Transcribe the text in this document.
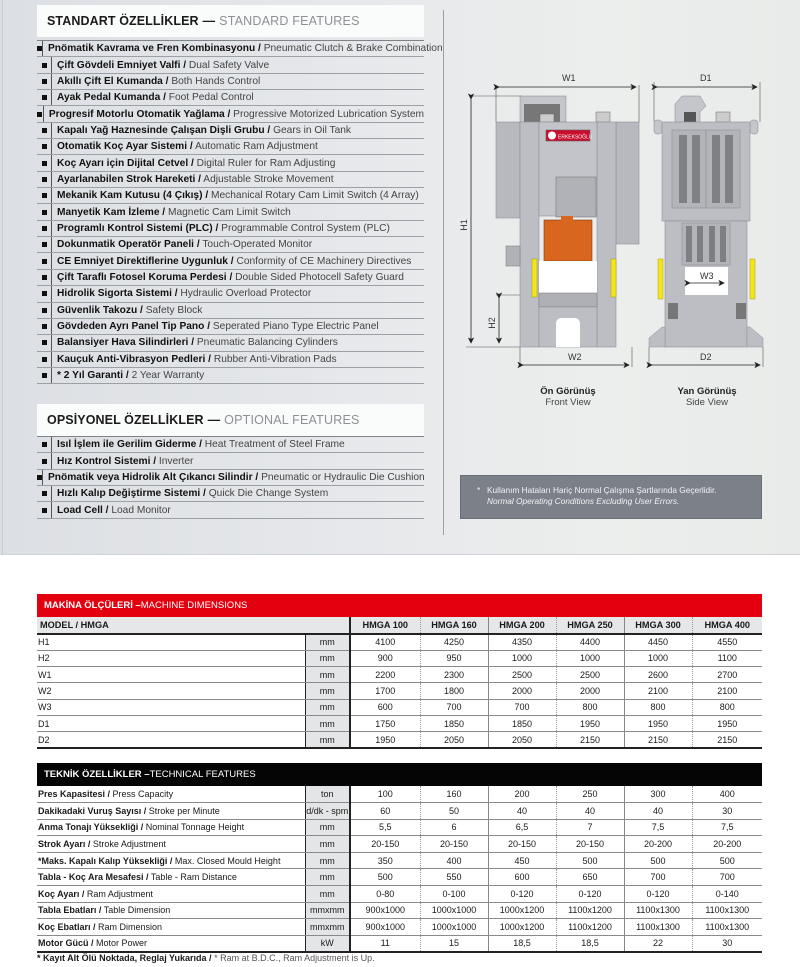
STANDART ÖZELLİKLER — STANDARD FEATURES
Pnömatik Kavrama ve Fren Kombinasyonu / Pneumatic Clutch & Brake Combination
Çift Gövdeli Emniyet Valfi / Dual Safety Valve
Akıllı Çift El Kumanda / Both Hands Control
Ayak Pedal Kumanda / Foot Pedal Control
Progresif Motorlu Otomatik Yağlama / Progressive Motorized Lubrication System
Kapalı Yağ Haznesinde Çalışan Dişli Grubu / Gears in Oil Tank
Otomatik Koç Ayar Sistemi / Automatic Ram Adjustment
Koç Ayarı için Dijital Cetvel / Digital Ruler for Ram Adjusting
Ayarlanabilen Strok Hareketi / Adjustable Stroke Movement
Mekanik Kam Kutusu (4 Çıkış) / Mechanical Rotary Cam Limit Switch (4 Array)
Manyetik Kam İzleme / Magnetic Cam Limit Switch
Programlı Kontrol Sistemi (PLC) / Programmable Control System (PLC)
Dokunmatik Operatör Paneli / Touch-Operated Monitor
CE Emniyet Direktiflerine Uygunluk / Conformity of CE Machinery Directives
Çift Taraflı Fotosel Koruma Perdesi / Double Sided Photocell Safety Guard
Hidrolik Sigorta Sistemi / Hydraulic Overload Protector
Güvenlik Takozu / Safety Block
Gövdeden Ayrı Panel Tip Pano / Seperated Piano Type Electric Panel
Balansiyer Hava Silindirleri / Pneumatic Balancing Cylinders
Kauçuk Anti-Vibrasyon Pedleri / Rubber Anti-Vibration Pads
* 2 Yıl Garanti / 2 Year Warranty
OPSİYONEL ÖZELLİKLER — OPTIONAL FEATURES
Isıl İşlem ile Gerilim Giderme / Heat Treatment of Steel Frame
Hız Kontrol Sistemi / Inverter
Pnömatik veya Hidrolik Alt Çıkancı Silindir / Pneumatic or Hydraulic Die Cushion
Hızlı Kalıp Değiştirme Sistemi / Quick Die Change System
Load Cell / Load Monitor
ERKEKSOĞLU
W1	D1
H1
H2
W2
W3
D2
Ön Görünüş
Front View
Yan Görünüş
Side View
* Kullanım Hataları Hariç Normal Çalışma Şartlarında Geçerlidir.
Normal Operating Conditions Excluding User Errors.
MAKİNA ÖLÇÜLERİ – MACHINE DIMENSIONS
MODEL / HMGA		HMGA 100	HMGA 160	HMGA 200	HMGA 250	HMGA 300	HMGA 400
H1	mm	4100	4250	4350	4400	4450	4550
H2	mm	900	950	1000	1000	1000	1100
W1	mm	2200	2300	2500	2500	2600	2700
W2	mm	1700	1800	2000	2000	2100	2100
W3	mm	600	700	700	800	800	800
D1	mm	1750	1850	1850	1950	1950	1950
D2	mm	1950	2050	2050	2150	2150	2150
TEKNİK ÖZELLİKLER – TECHNICAL FEATURES
Pres Kapasitesi / Press Capacity	ton	100	160	200	250	300	400
Dakikadaki Vuruş Sayısı / Stroke per Minute	d/dk - spm	60	50	40	40	40	30
Anma Tonajı Yüksekliği / Nominal Tonnage Height	mm	5,5	6	6,5	7	7,5	7,5
Strok Ayarı / Stroke Adjustment	mm	20-150	20-150	20-150	20-150	20-200	20-200
*Maks. Kapalı Kalıp Yüksekliği / Max. Closed Mould Height	mm	350	400	450	500	500	500
Tabla - Koç Ara Mesafesi / Table - Ram Distance	mm	500	550	600	650	700	700
Koç Ayarı / Ram Adjustment	mm	0-80	0-100	0-120	0-120	0-120	0-140
Tabla Ebatları / Table Dimension	mmxmm	900x1000	1000x1000	1000x1200	1100x1200	1100x1300	1100x1300
Koç Ebatları / Ram Dimension	mmxmm	900x1000	1000x1000	1000x1200	1100x1200	1100x1300	1100x1300
Motor Gücü / Motor Power	kW	11	15	18,5	18,5	22	30
* Kayıt Alt Ölü Noktada, Reglaj Yukarıda / * Ram at B.D.C., Ram Adjustment is Up.
